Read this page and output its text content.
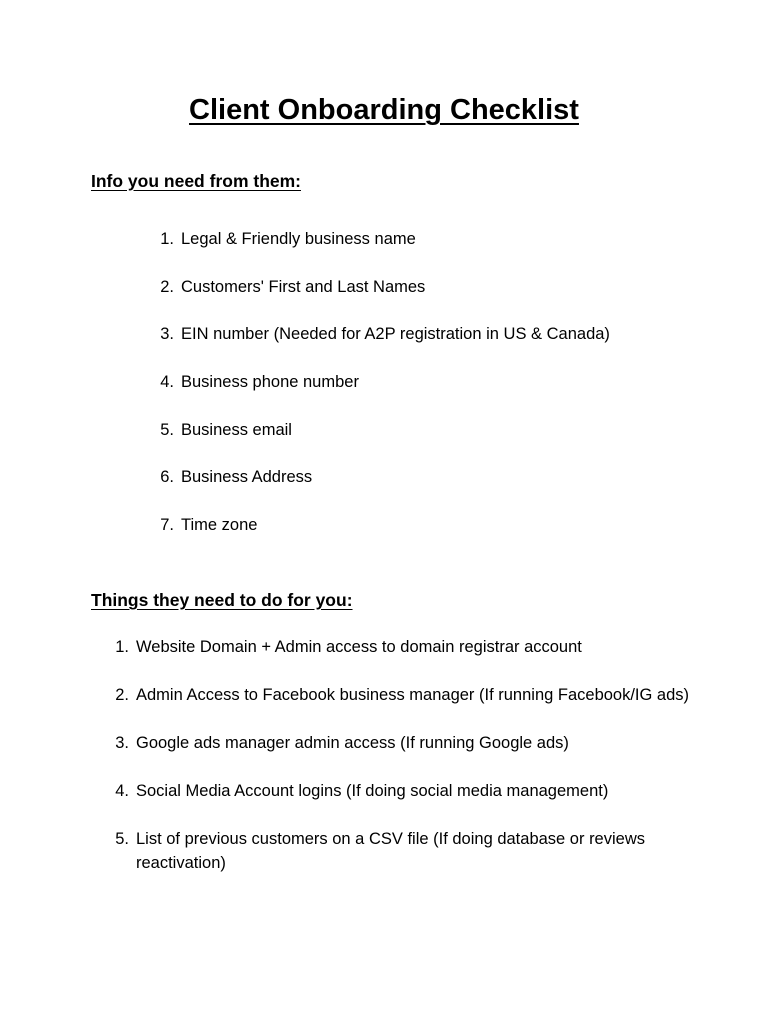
Client Onboarding Checklist
Info you need from them:
1. Legal & Friendly business name
2. Customers' First and Last Names
3. EIN number (Needed for A2P registration in US & Canada)
4. Business phone number
5. Business email
6. Business Address
7. Time zone
Things they need to do for you:
1. Website Domain + Admin access to domain registrar account
2. Admin Access to Facebook business manager (If running Facebook/IG ads)
3. Google ads manager admin access (If running Google ads)
4. Social Media Account logins (If doing social media management)
5. List of previous customers on a CSV file (If doing database or reviews reactivation)
